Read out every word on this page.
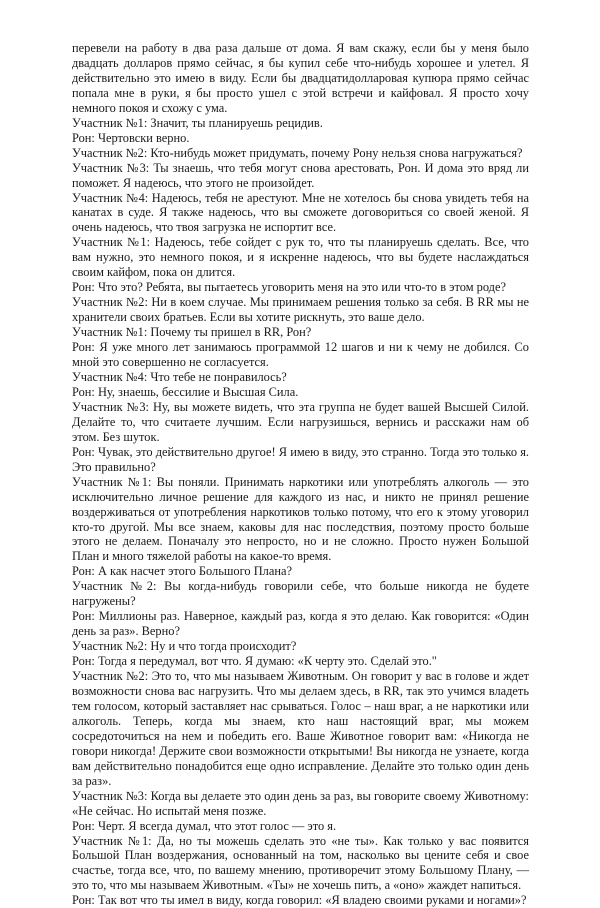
перевели на работу в два раза дальше от дома. Я вам скажу, если бы у меня было двадцать долларов прямо сейчас, я бы купил себе что-нибудь хорошее и улетел. Я действительно это имею в виду. Если бы двадцатидолларовая купюра прямо сейчас попала мне в руки, я бы просто ушел с этой встречи и кайфовал. Я просто хочу немного покоя и схожу с ума.

Участник №1: Значит, ты планируешь рецидив.

Рон: Чертовски верно.

Участник №2: Кто-нибудь может придумать, почему Рону нельзя снова нагружаться?

Участник №3: Ты знаешь, что тебя могут снова арестовать, Рон. И дома это вряд ли поможет. Я надеюсь, что этого не произойдет.

Участник №4: Надеюсь, тебя не арестуют. Мне не хотелось бы снова увидеть тебя на канатах в суде. Я также надеюсь, что вы сможете договориться со своей женой. Я очень надеюсь, что твоя загрузка не испортит все.

Участник №1: Надеюсь, тебе сойдет с рук то, что ты планируешь сделать. Все, что вам нужно, это немного покоя, и я искренне надеюсь, что вы будете наслаждаться своим кайфом, пока он длится.

Рон: Что это? Ребята, вы пытаетесь уговорить меня на это или что-то в этом роде?

Участник №2: Ни в коем случае. Мы принимаем решения только за себя. В RR мы не хранители своих братьев. Если вы хотите рискнуть, это ваше дело.

Участник №1: Почему ты пришел в RR, Рон?

Рон: Я уже много лет занимаюсь программой 12 шагов и ни к чему не добился. Со мной это совершенно не согласуется.

Участник №4: Что тебе не понравилось?

Рон: Ну, знаешь, бессилие и Высшая Сила.

Участник №3: Ну, вы можете видеть, что эта группа не будет вашей Высшей Силой. Делайте то, что считаете лучшим. Если нагрузишься, вернись и расскажи нам об этом. Без шуток.

Рон: Чувак, это действительно другое! Я имею в виду, это странно. Тогда это только я. Это правильно?

Участник №1: Вы поняли. Принимать наркотики или употреблять алкоголь — это исключительно личное решение для каждого из нас, и никто не принял решение воздерживаться от употребления наркотиков только потому, что его к этому уговорил кто-то другой. Мы все знаем, каковы для нас последствия, поэтому просто больше этого не делаем. Поначалу это непросто, но и не сложно. Просто нужен Большой План и много тяжелой работы на какое-то время.

Рон: А как насчет этого Большого Плана?

Участник №2: Вы когда-нибудь говорили себе, что больше никогда не будете нагружены?

Рон: Миллионы раз. Наверное, каждый раз, когда я это делаю. Как говорится: «Один день за раз». Верно?

Участник №2: Ну и что тогда происходит?

Рон: Тогда я передумал, вот что. Я думаю: «К черту это. Сделай это."

Участник №2: Это то, что мы называем Животным. Он говорит у вас в голове и ждет возможности снова вас нагрузить. Что мы делаем здесь, в RR, так это учимся владеть тем голосом, который заставляет нас срываться. Голос – наш враг, а не наркотики или алкоголь. Теперь, когда мы знаем, кто наш настоящий враг, мы можем сосредоточиться на нем и победить его. Ваше Животное говорит вам: «Никогда не говори никогда! Держите свои возможности открытыми! Вы никогда не узнаете, когда вам действительно понадобится еще одно исправление. Делайте это только один день за раз».

Участник №3: Когда вы делаете это один день за раз, вы говорите своему Животному: «Не сейчас. Но испытай меня позже.

Рон: Черт. Я всегда думал, что этот голос — это я.

Участник №1: Да, но ты можешь сделать это «не ты». Как только у вас появится Большой План воздержания, основанный на том, насколько вы цените себя и свое счастье, тогда все, что, по вашему мнению, противоречит этому Большому Плану, — это то, что мы называем Животным. «Ты» не хочешь пить, а «оно» жаждет напиться.

Рон: Так вот что ты имел в виду, когда говорил: «Я владею своими руками и ногами»?
